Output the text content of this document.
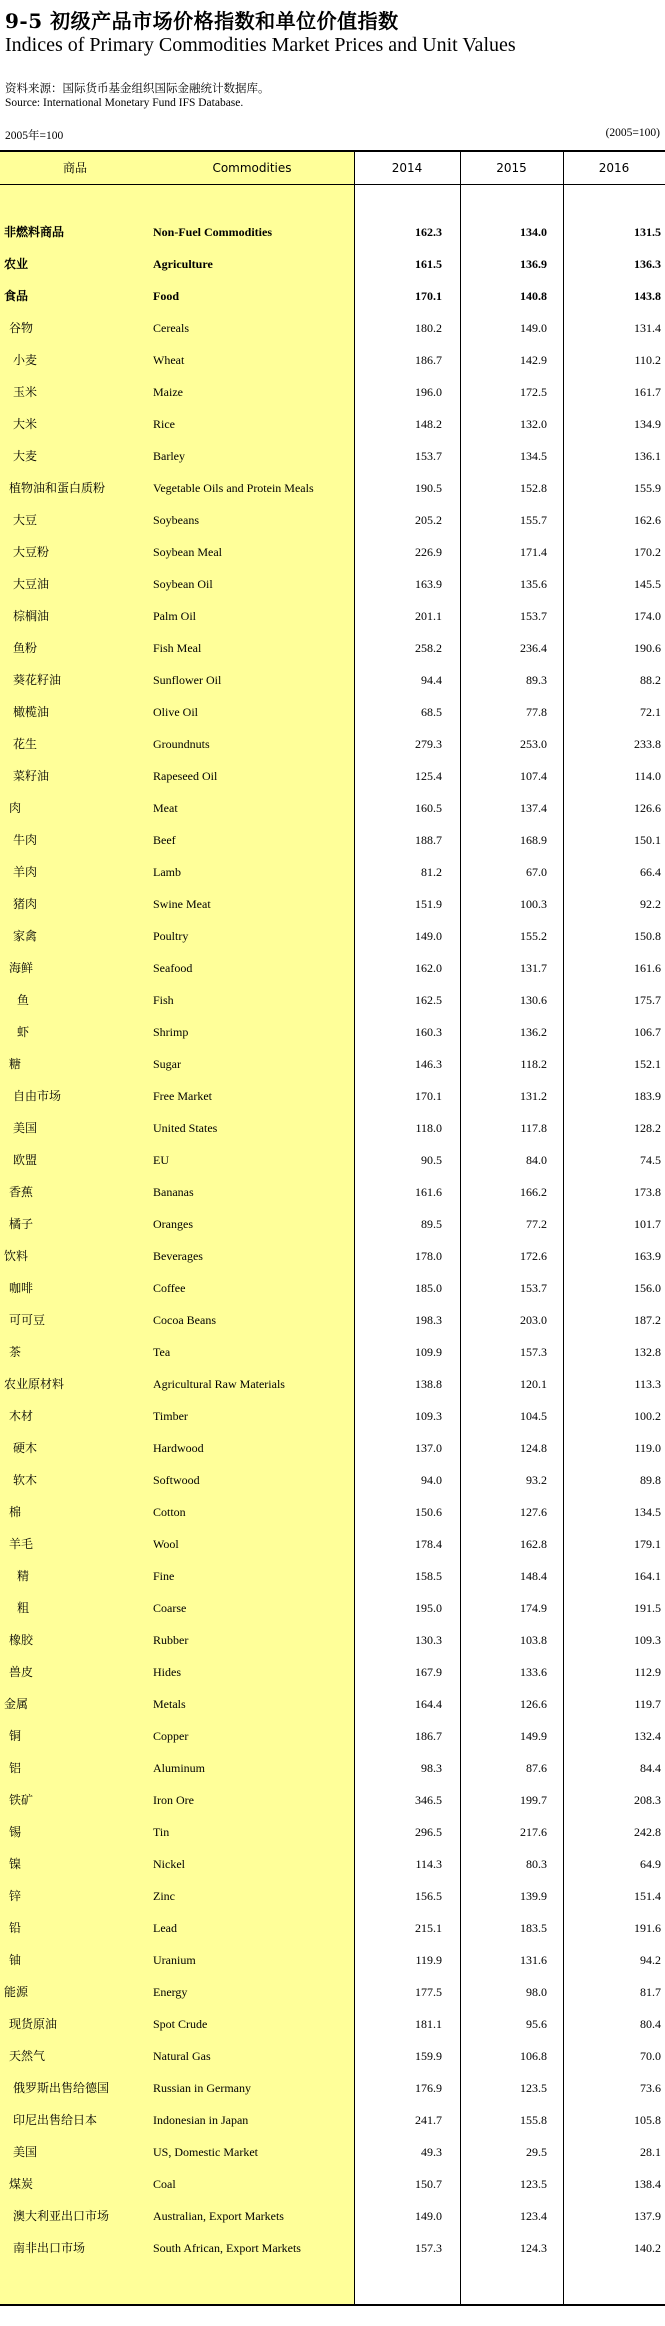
9-5 初级产品市场价格指数和单位价值指数
Indices of Primary Commodities Market Prices and Unit Values
资料来源：国际货币基金组织国际金融统计数据库。
Source: International Monetary Fund IFS Database.
2005年=100	(2005=100)
商品	Commodities	2014	2015	2016
非燃料商品	Non-Fuel Commodities	162.3	134.0	131.5
农业	Agriculture	161.5	136.9	136.3
食品	Food	170.1	140.8	143.8
谷物	Cereals	180.2	149.0	131.4
小麦	Wheat	186.7	142.9	110.2
玉米	Maize	196.0	172.5	161.7
大米	Rice	148.2	132.0	134.9
大麦	Barley	153.7	134.5	136.1
植物油和蛋白质粉	Vegetable Oils and Protein Meals	190.5	152.8	155.9
大豆	Soybeans	205.2	155.7	162.6
大豆粉	Soybean Meal	226.9	171.4	170.2
大豆油	Soybean Oil	163.9	135.6	145.5
棕榈油	Palm Oil	201.1	153.7	174.0
鱼粉	Fish Meal	258.2	236.4	190.6
葵花籽油	Sunflower Oil	94.4	89.3	88.2
橄榄油	Olive Oil	68.5	77.8	72.1
花生	Groundnuts	279.3	253.0	233.8
菜籽油	Rapeseed Oil	125.4	107.4	114.0
肉	Meat	160.5	137.4	126.6
牛肉	Beef	188.7	168.9	150.1
羊肉	Lamb	81.2	67.0	66.4
猪肉	Swine Meat	151.9	100.3	92.2
家禽	Poultry	149.0	155.2	150.8
海鲜	Seafood	162.0	131.7	161.6
鱼	Fish	162.5	130.6	175.7
虾	Shrimp	160.3	136.2	106.7
糖	Sugar	146.3	118.2	152.1
自由市场	Free Market	170.1	131.2	183.9
美国	United States	118.0	117.8	128.2
欧盟	EU	90.5	84.0	74.5
香蕉	Bananas	161.6	166.2	173.8
橘子	Oranges	89.5	77.2	101.7
饮料	Beverages	178.0	172.6	163.9
咖啡	Coffee	185.0	153.7	156.0
可可豆	Cocoa Beans	198.3	203.0	187.2
茶	Tea	109.9	157.3	132.8
农业原材料	Agricultural Raw Materials	138.8	120.1	113.3
木材	Timber	109.3	104.5	100.2
硬木	Hardwood	137.0	124.8	119.0
软木	Softwood	94.0	93.2	89.8
棉	Cotton	150.6	127.6	134.5
羊毛	Wool	178.4	162.8	179.1
精	Fine	158.5	148.4	164.1
粗	Coarse	195.0	174.9	191.5
橡胶	Rubber	130.3	103.8	109.3
兽皮	Hides	167.9	133.6	112.9
金属	Metals	164.4	126.6	119.7
铜	Copper	186.7	149.9	132.4
铝	Aluminum	98.3	87.6	84.4
铁矿	Iron Ore	346.5	199.7	208.3
锡	Tin	296.5	217.6	242.8
镍	Nickel	114.3	80.3	64.9
锌	Zinc	156.5	139.9	151.4
铅	Lead	215.1	183.5	191.6
铀	Uranium	119.9	131.6	94.2
能源	Energy	177.5	98.0	81.7
现货原油	Spot Crude	181.1	95.6	80.4
天然气	Natural Gas	159.9	106.8	70.0
俄罗斯出售给德国	Russian in Germany	176.9	123.5	73.6
印尼出售给日本	Indonesian in Japan	241.7	155.8	105.8
美国	US, Domestic Market	49.3	29.5	28.1
煤炭	Coal	150.7	123.5	138.4
澳大利亚出口市场	Australian, Export Markets	149.0	123.4	137.9
南非出口市场	South African, Export Markets	157.3	124.3	140.2
